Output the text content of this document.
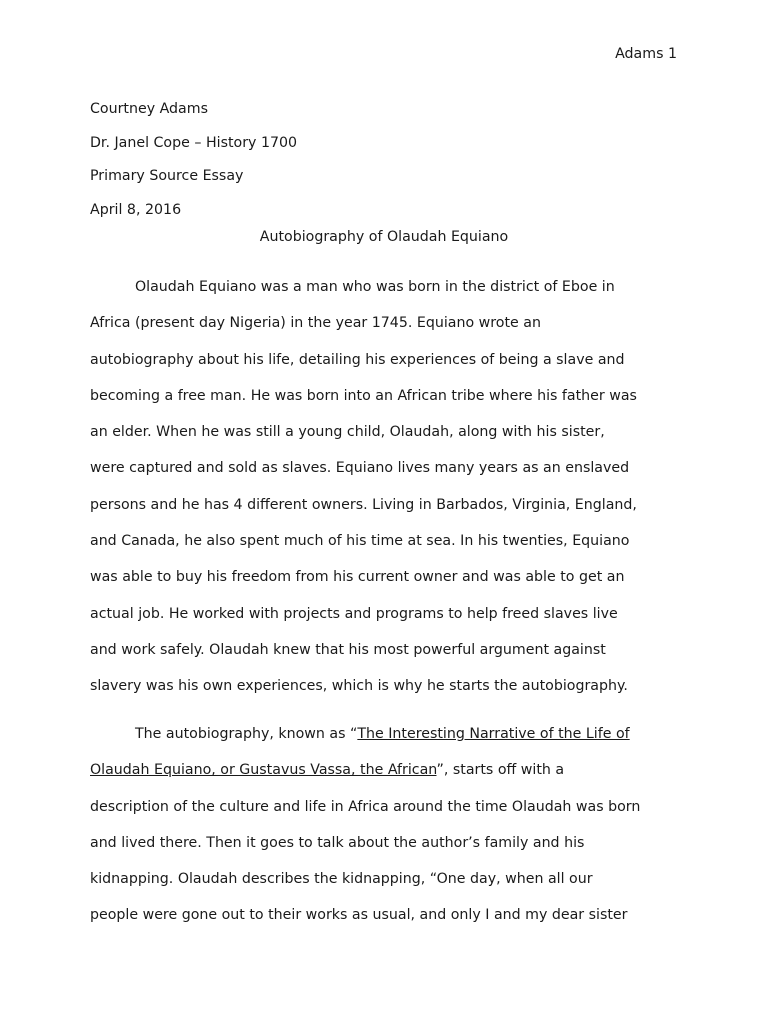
Adams 1
Courtney Adams
Dr. Janel Cope – History 1700
Primary Source Essay
April 8, 2016
Autobiography of Olaudah Equiano
Olaudah Equiano was a man who was born in the district of Eboe in
Africa (present day Nigeria) in the year 1745. Equiano wrote an
autobiography about his life, detailing his experiences of being a slave and
becoming a free man. He was born into an African tribe where his father was
an elder. When he was still a young child, Olaudah, along with his sister,
were captured and sold as slaves. Equiano lives many years as an enslaved
persons and he has 4 different owners. Living in Barbados, Virginia, England,
and Canada, he also spent much of his time at sea. In his twenties, Equiano
was able to buy his freedom from his current owner and was able to get an
actual job. He worked with projects and programs to help freed slaves live
and work safely. Olaudah knew that his most powerful argument against
slavery was his own experiences, which is why he starts the autobiography.
The autobiography, known as “The Interesting Narrative of the Life of
Olaudah Equiano, or Gustavus Vassa, the African”, starts off with a
description of the culture and life in Africa around the time Olaudah was born
and lived there. Then it goes to talk about the author’s family and his
kidnapping. Olaudah describes the kidnapping, “One day, when all our
people were gone out to their works as usual, and only I and my dear sister
